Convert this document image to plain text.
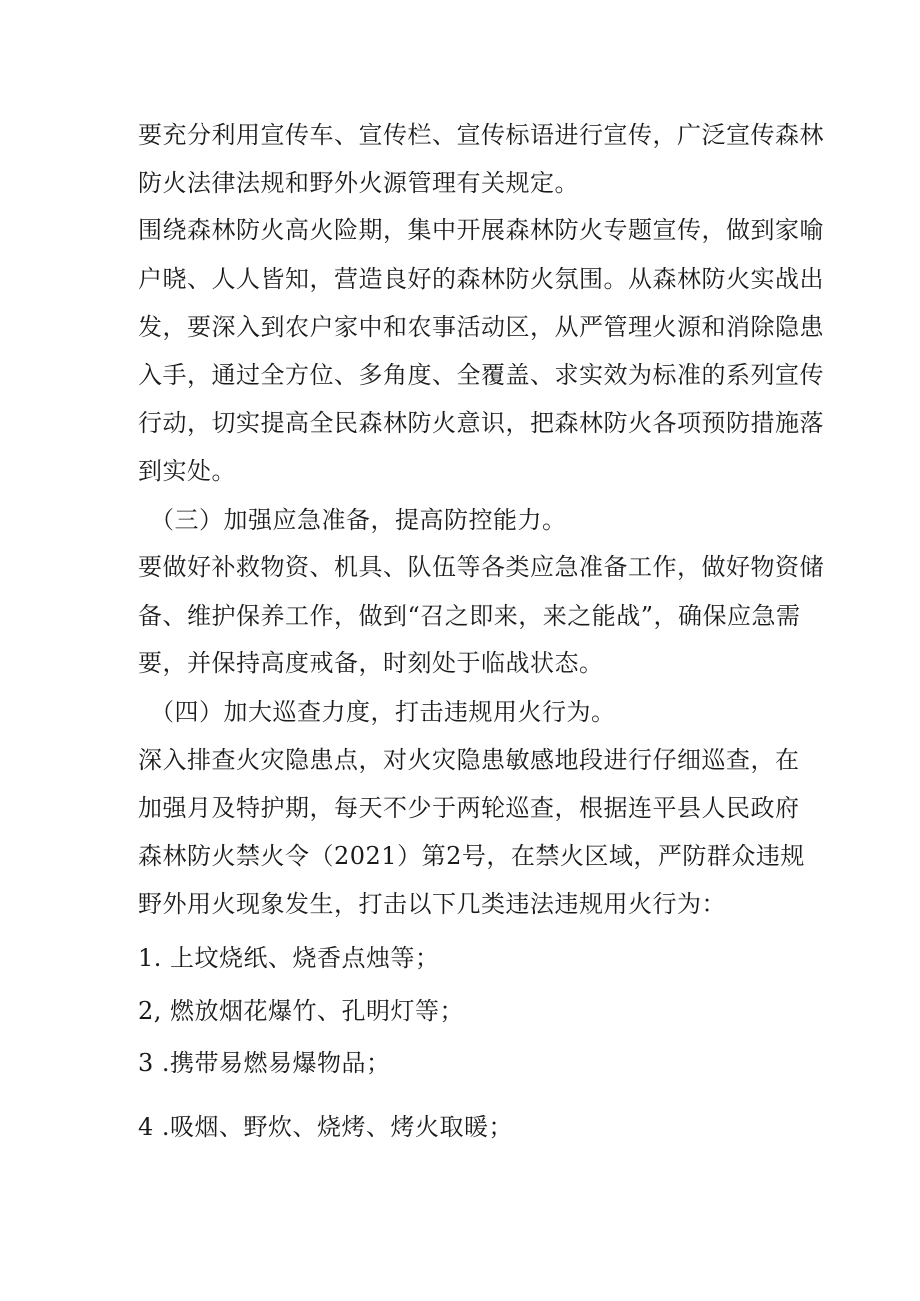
要充分利用宣传车、宣传栏、宣传标语进行宣传，广泛宣传森林
防火法律法规和野外火源管理有关规定。
围绕森林防火高火险期，集中开展森林防火专题宣传，做到家喻
户晓、人人皆知，营造良好的森林防火氛围。从森林防火实战出
发，要深入到农户家中和农事活动区，从严管理火源和消除隐患
入手，通过全方位、多角度、全覆盖、求实效为标准的系列宣传
行动，切实提高全民森林防火意识，把森林防火各项预防措施落
到实处。
（三）加强应急准备，提高防控能力。
要做好补救物资、机具、队伍等各类应急准备工作，做好物资储
备、维护保养工作，做到“召之即来，来之能战”，确保应急需
要，并保持高度戒备，时刻处于临战状态。
（四）加大巡查力度，打击违规用火行为。
深入排查火灾隐患点，对火灾隐患敏感地段进行仔细巡查，在
加强月及特护期，每天不少于两轮巡查，根据连平县人民政府
森林防火禁火令（2021）第2号，在禁火区域，严防群众违规
野外用火现象发生，打击以下几类违法违规用火行为：
1. 上坟烧纸、烧香点烛等；
2, 燃放烟花爆竹、孔明灯等；
3 .携带易燃易爆物品；
4 .吸烟、野炊、烧烤、烤火取暖；
